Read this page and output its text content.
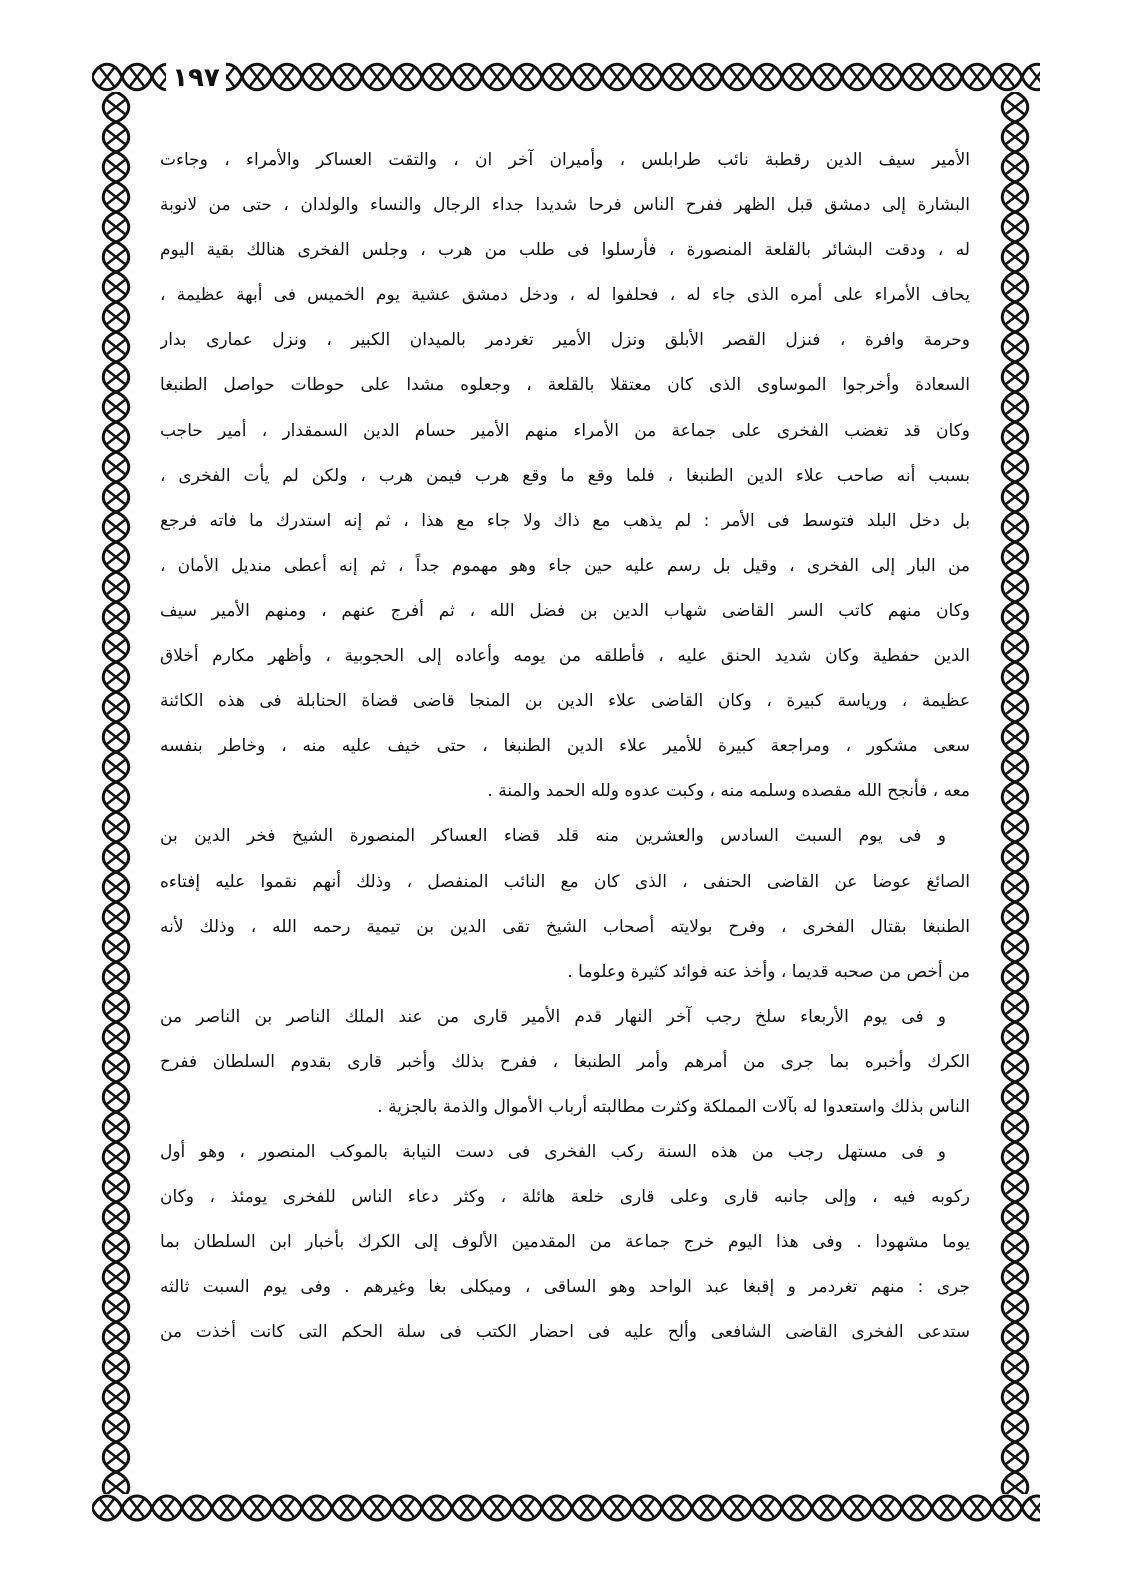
١٩٧
الأمير سيف الدين رقطبة نائب طرابلس ، وأميران آخر ان ، والتقت العساكر والأمراء ، وجاءت
البشارة إلى دمشق قبل الظهر ففرح الناس فرحا شديدا جداء الرجال والنساء والولدان ، حتى من لانوبة
له ، ودقت البشائر بالقلعة المنصورة ، فأرسلوا فى طلب من هرب ، وجلس الفخرى هنالك بقية اليوم
يحاف الأمراء على أمره الذى جاء له ، فحلفوا له ، ودخل دمشق عشية يوم الخميس فى أبهة عظيمة ،
وحرمة وافرة ، فنزل القصر الأبلق ونزل الأمير تغردمر بالميدان الكبير ، ونزل عمارى بدار
السعادة وأخرجوا الموساوى الذى كان معتقلا بالقلعة ، وجعلوه مشدا على حوطات حواصل الطنبغا
وكان قد تغضب الفخرى على جماعة من الأمراء منهم الأمير حسام الدين السمقدار ، أمير حاجب
بسبب أنه صاحب علاء الدين الطنبغا ، فلما وقع ما وقع هرب فيمن هرب ، ولكن لم يأت الفخرى ،
بل دخل البلد فتوسط فى الأمر : لم يذهب مع ذاك ولا جاء مع هذا ، ثم إنه استدرك ما فاته فرجع
من البار إلى الفخرى ، وقيل بل رسم عليه حين جاء وهو مهموم جداً ، ثم إنه أعطى منديل الأمان ،
وكان منهم كاتب السر القاضى شهاب الدين بن فضل الله ، ثم أفرج عنهم ، ومنهم الأمير سيف
الدين حفطية وكان شديد الحنق عليه ، فأطلقه من يومه وأعاده إلى الحجوبية ، وأظهر مكارم أخلاق
عظيمة ، ورياسة كبيرة ، وكان القاضى علاء الدين بن المنجا قاضى قضاة الحنابلة فى هذه الكائنة
سعى مشكور ، ومراجعة كبيرة للأمير علاء الدين الطنبغا ، حتى خيف عليه منه ، وخاطر بنفسه
معه ، فأنجح الله مقصده وسلمه منه ، وكبت عدوه ولله الحمد والمنة .
و فى يوم السبت السادس والعشرين منه قلد قضاء العساكر المنصورة الشيخ فخر الدين بن
الصائغ عوضا عن القاضى الحنفى ، الذى كان مع النائب المنفصل ، وذلك أنهم نقموا عليه إفتاءه
الطنبغا بقتال الفخرى ، وفرح بولايته أصحاب الشيخ تقى الدين بن تيمية رحمه الله ، وذلك لأنه
من أخص من صحبه قديما ، وأخذ عنه فوائد كثيرة وعلوما .
و فى يوم الأربعاء سلخ رجب آخر النهار قدم الأمير قارى من عند الملك الناصر بن الناصر من
الكرك وأخبره بما جرى من أمرهم وأمر الطنبغا ، ففرح بذلك وأخبر قارى بقدوم السلطان ففرح
الناس بذلك واستعدوا له بآلات المملكة وكثرت مطالبته أرباب الأموال والذمة بالجزية .
و فى مستهل رجب من هذه السنة ركب الفخرى فى دست النيابة بالموكب المنصور ، وهو أول
ركوبه فيه ، وإلى جانبه قارى وعلى قارى خلعة هائلة ، وكثر دعاء الناس للفخرى يومئذ ، وكان
يوما مشهودا . وفى هذا اليوم خرج جماعة من المقدمين الألوف إلى الكرك بأخبار ابن السلطان بما
جرى : منهم تغردمر و إقبغا عبد الواحد وهو الساقى ، وميكلى بغا وغيرهم . وفى يوم السبت ثالثه
ستدعى الفخرى القاضى الشافعى وألح عليه فى احضار الكتب فى سلة الحكم التى كانت أخذت من
